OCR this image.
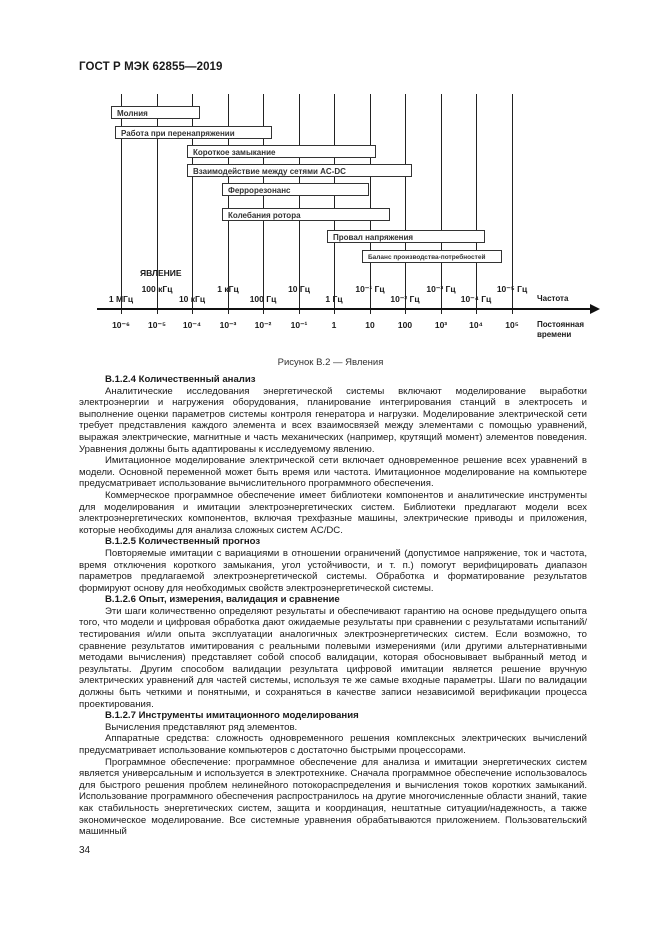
ГОСТ Р МЭК 62855—2019
Молния
Работа при перенапряжении
Короткое замыкание
Взаимодействие между сетями AC-DC
Феррорезонанс
Колебания ротора
Провал напряжения
Баланс производства-потребностей
ЯВЛЕНИЕ
1 МГц
100 кГц
10 кГц
1 кГц
100 Гц
10 Гц
1 Гц
10⁻¹ Гц
10⁻² Гц
10⁻³ Гц
10⁻⁴ Гц
10⁻⁵ Гц
Частота
10⁻⁶ 10⁻⁵ 10⁻⁴ 10⁻³ 10⁻² 10⁻¹	1	10	100	10³	10⁴	10⁵ Постоянная
времени
Рисунок В.2 — Явления
В.1.2.4 Количественный анализ

Аналитические исследования энергетической системы включают моделирование выработки электроэнергии и нагружения оборудования, планирование интегрирования станций в электросеть и выполнение оценки параметров системы контроля генератора и нагрузки. Моделирование электрической сети требует представления каждого элемента и всех взаимосвязей между элементами с помощью уравнений, выражая электрические, магнитные и часть механических (например, крутящий момент) элементов поведения. Уравнения должны быть адаптированы к исследуемому явлению.

Имитационное моделирование электрической сети включает одновременное решение всех уравнений в модели. Основной переменной может быть время или частота. Имитационное моделирование на компьютере предусматривает использование вычислительного программного обеспечения.

Коммерческое программное обеспечение имеет библиотеки компонентов и аналитические инструменты для моделирования и имитации электроэнергетических систем. Библиотеки предлагают модели всех электроэнергетических компонентов, включая трехфазные машины, электрические приводы и приложения, которые необходимы для анализа сложных систем AC/DC.

В.1.2.5 Количественный прогноз

Повторяемые имитации с вариациями в отношении ограничений (допустимое напряжение, ток и частота, время отключения короткого замыкания, угол устойчивости, и т. п.) помогут верифицировать диапазон параметров предлагаемой электроэнергетической системы. Обработка и форматирование результатов формируют основу для необходимых свойств электроэнергетической системы.

В.1.2.6 Опыт, измерения, валидация и сравнение

Эти шаги количественно определяют результаты и обеспечивают гарантию на основе предыдущего опыта того, что модели и цифровая обработка дают ожидаемые результаты при сравнении с результатами испытаний/тестирования и/или опыта эксплуатации аналогичных электроэнергетических систем. Если возможно, то сравнение результатов имитирования с реальными полевыми измерениями (или другими альтернативными методами вычисления) представляет собой способ валидации, которая обосновывает выбранный метод и результаты. Другим способом валидации результата цифровой имитации является решение вручную электрических уравнений для частей системы, используя те же самые входные параметры. Шаги по валидации должны быть четкими и понятными, и сохраняться в качестве записи независимой верификации процесса проектирования.

В.1.2.7 Инструменты имитационного моделирования

Вычисления представляют ряд элементов.

Аппаратные средства: сложность одновременного решения комплексных электрических вычислений предусматривает использование компьютеров с достаточно быстрыми процессорами.

Программное обеспечение: программное обеспечение для анализа и имитации энергетических систем является универсальным и используется в электротехнике. Сначала программное обеспечение использовалось для быстрого решения проблем нелинейного потокораспределения и вычисления токов коротких замыканий. Использование программного обеспечения распространилось на другие многочисленные области знаний, такие как стабильность энергетических систем, защита и координация, нештатные ситуации/надежность, а также экономическое моделирование. Все системные уравнения обрабатываются приложением. Пользовательский машинный

34
